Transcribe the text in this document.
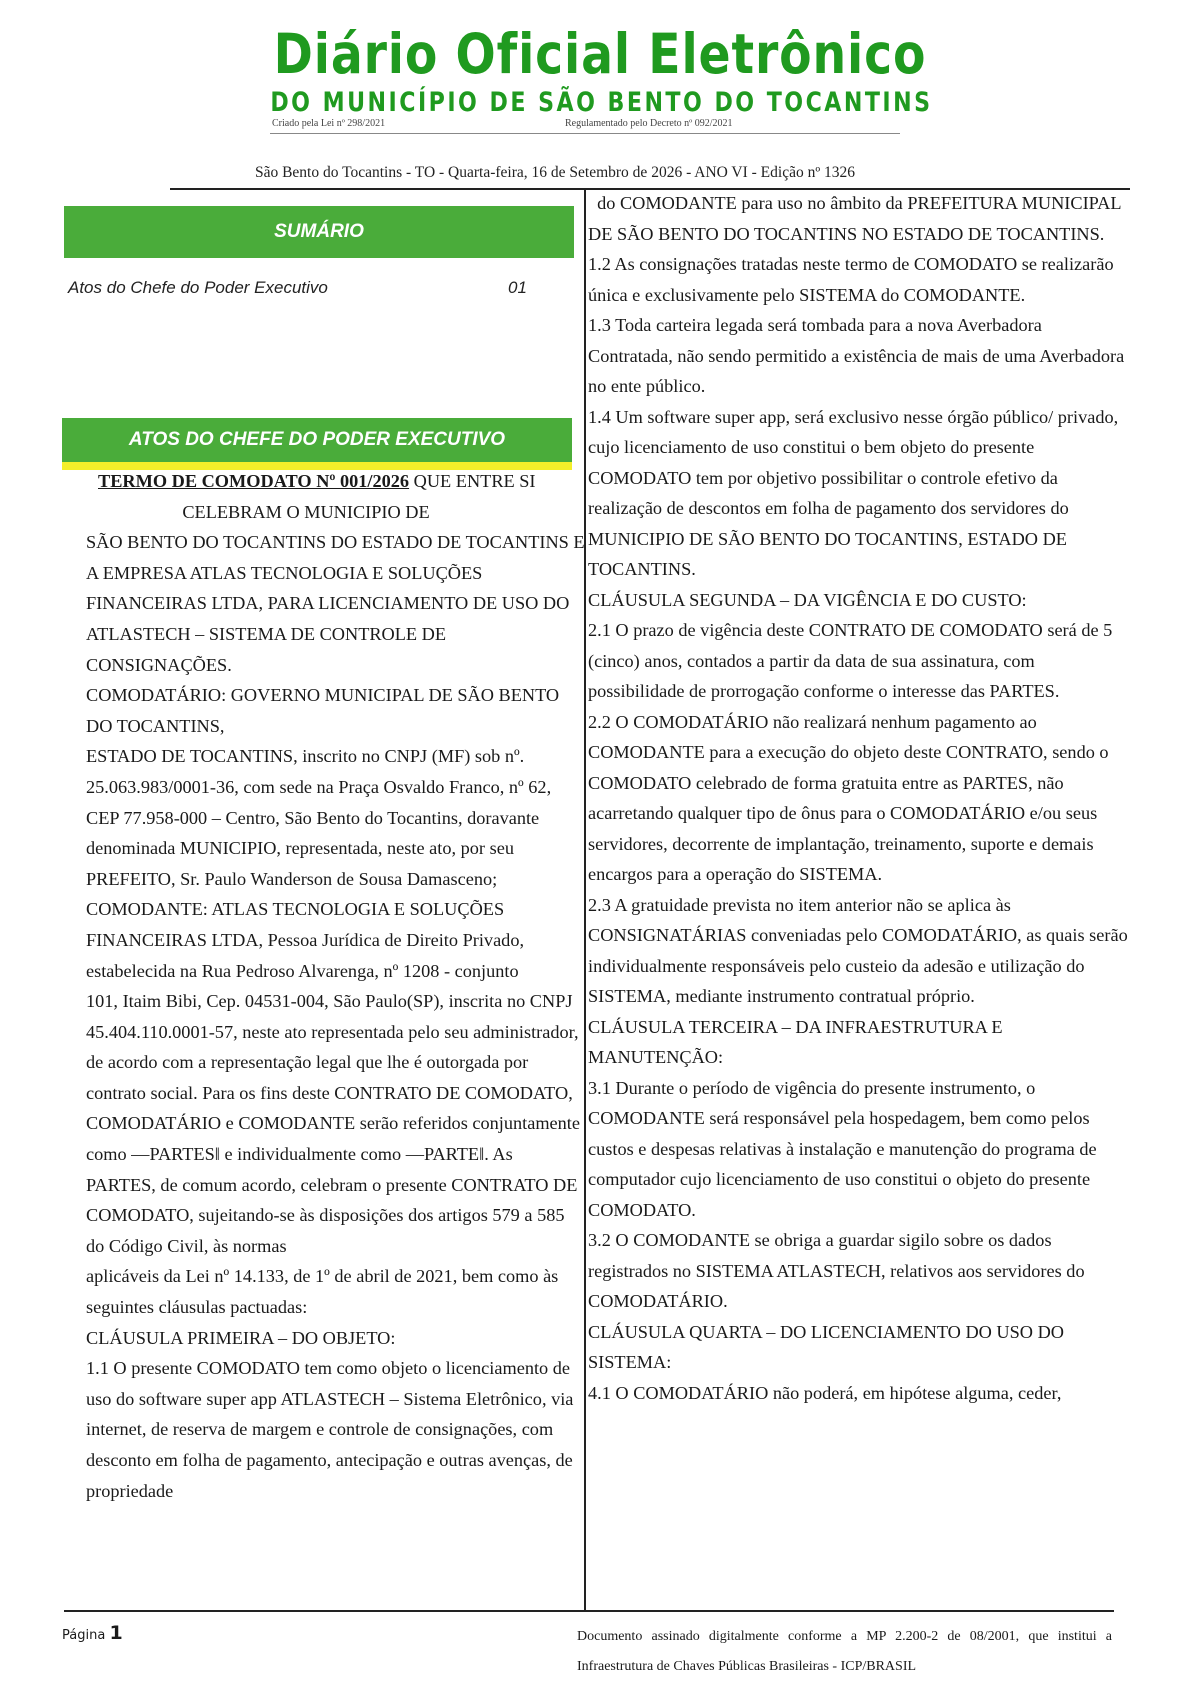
Diário Oficial Eletrônico
DO MUNICÍPIO DE SÃO BENTO DO TOCANTINS
Criado pela Lei nº 298/2021	Regulamentado pelo Decreto nº 092/2021
São Bento do Tocantins - TO - Quarta-feira, 16 de Setembro de 2026 - ANO VI - Edição nº 1326
SUMÁRIO
Atos do Chefe do Poder Executivo	01
ATOS DO CHEFE DO PODER EXECUTIVO

TERMO DE COMODATO Nº 001/2026 QUE ENTRE SI

CELEBRAM O MUNICIPIO DE

SÃO BENTO DO TOCANTINS DO ESTADO DE TOCANTINS E A EMPRESA ATLAS TECNOLOGIA E SOLUÇÕES FINANCEIRAS LTDA, PARA LICENCIAMENTO DE USO DO ATLASTECH – SISTEMA DE CONTROLE DE CONSIGNAÇÕES.

COMODATÁRIO: GOVERNO MUNICIPAL DE SÃO BENTO DO TOCANTINS,

ESTADO DE TOCANTINS, inscrito no CNPJ (MF) sob nº. 25.063.983/0001-36, com sede na Praça Osvaldo Franco, nº 62, CEP 77.958-000 – Centro, São Bento do Tocantins, doravante denominada MUNICIPIO, representada, neste ato, por seu PREFEITO, Sr. Paulo Wanderson de Sousa Damasceno; COMODANTE: ATLAS TECNOLOGIA E SOLUÇÕES FINANCEIRAS LTDA, Pessoa Jurídica de Direito Privado, estabelecida na Rua Pedroso Alvarenga, nº 1208 - conjunto

101, Itaim Bibi, Cep. 04531-004, São Paulo(SP), inscrita no CNPJ 45.404.110.0001-57, neste ato representada pelo seu administrador, de acordo com a representação legal que lhe é outorgada por contrato social. Para os fins deste CONTRATO DE COMODATO, COMODATÁRIO e COMODANTE serão referidos conjuntamente como ―PARTES‖ e individualmente como ―PARTE‖. As PARTES, de comum acordo, celebram o presente CONTRATO DE COMODATO, sujeitando-se às disposições dos artigos 579 a 585 do Código Civil, às normas

aplicáveis da Lei nº 14.133, de 1º de abril de 2021, bem como às seguintes cláusulas pactuadas:

CLÁUSULA PRIMEIRA – DO OBJETO:

1.1 O presente COMODATO tem como objeto o licenciamento de uso do software super app ATLASTECH – Sistema Eletrônico, via internet, de reserva de margem e controle de consignações, com desconto em folha de pagamento, antecipação e outras avenças, de propriedade

do COMODANTE para uso no âmbito da PREFEITURA MUNICIPAL

DE SÃO BENTO DO TOCANTINS NO ESTADO DE TOCANTINS.

1.2 As consignações tratadas neste termo de COMODATO se realizarão única e exclusivamente pelo SISTEMA do COMODANTE.

1.3 Toda carteira legada será tombada para a nova Averbadora Contratada, não sendo permitido a existência de mais de uma Averbadora no ente público.

1.4 Um software super app, será exclusivo nesse órgão público/ privado, cujo licenciamento de uso constitui o bem objeto do presente COMODATO tem por objetivo possibilitar o controle efetivo da realização de descontos em folha de pagamento dos servidores do MUNICIPIO DE SÃO BENTO DO TOCANTINS, ESTADO DE TOCANTINS.

CLÁUSULA SEGUNDA – DA VIGÊNCIA E DO CUSTO:

2.1 O prazo de vigência deste CONTRATO DE COMODATO será de 5 (cinco) anos, contados a partir da data de sua assinatura, com possibilidade de prorrogação conforme o interesse das PARTES.

2.2 O COMODATÁRIO não realizará nenhum pagamento ao COMODANTE para a execução do objeto deste CONTRATO, sendo o COMODATO celebrado de forma gratuita entre as PARTES, não acarretando qualquer tipo de ônus para o COMODATÁRIO e/ou seus servidores, decorrente de implantação, treinamento, suporte e demais encargos para a operação do SISTEMA.

2.3 A gratuidade prevista no item anterior não se aplica às CONSIGNATÁRIAS conveniadas pelo COMODATÁRIO, as quais serão individualmente responsáveis pelo custeio da adesão e utilização do SISTEMA, mediante instrumento contratual próprio.

CLÁUSULA TERCEIRA – DA INFRAESTRUTURA E MANUTENÇÃO:

3.1 Durante o período de vigência do presente instrumento, o COMODANTE será responsável pela hospedagem, bem como pelos custos e despesas relativas à instalação e manutenção do programa de computador cujo licenciamento de uso constitui o objeto do presente COMODATO.

3.2 O COMODANTE se obriga a guardar sigilo sobre os dados registrados no SISTEMA ATLASTECH, relativos aos servidores do COMODATÁRIO.

CLÁUSULA QUARTA – DO LICENCIAMENTO DO USO DO SISTEMA:

4.1 O COMODATÁRIO não poderá, em hipótese alguma, ceder,

Página 1	Documento assinado digitalmente conforme a MP 2.200-2 de 08/2001, que institui a Infraestrutura de Chaves Públicas Brasileiras - ICP/BRASIL
